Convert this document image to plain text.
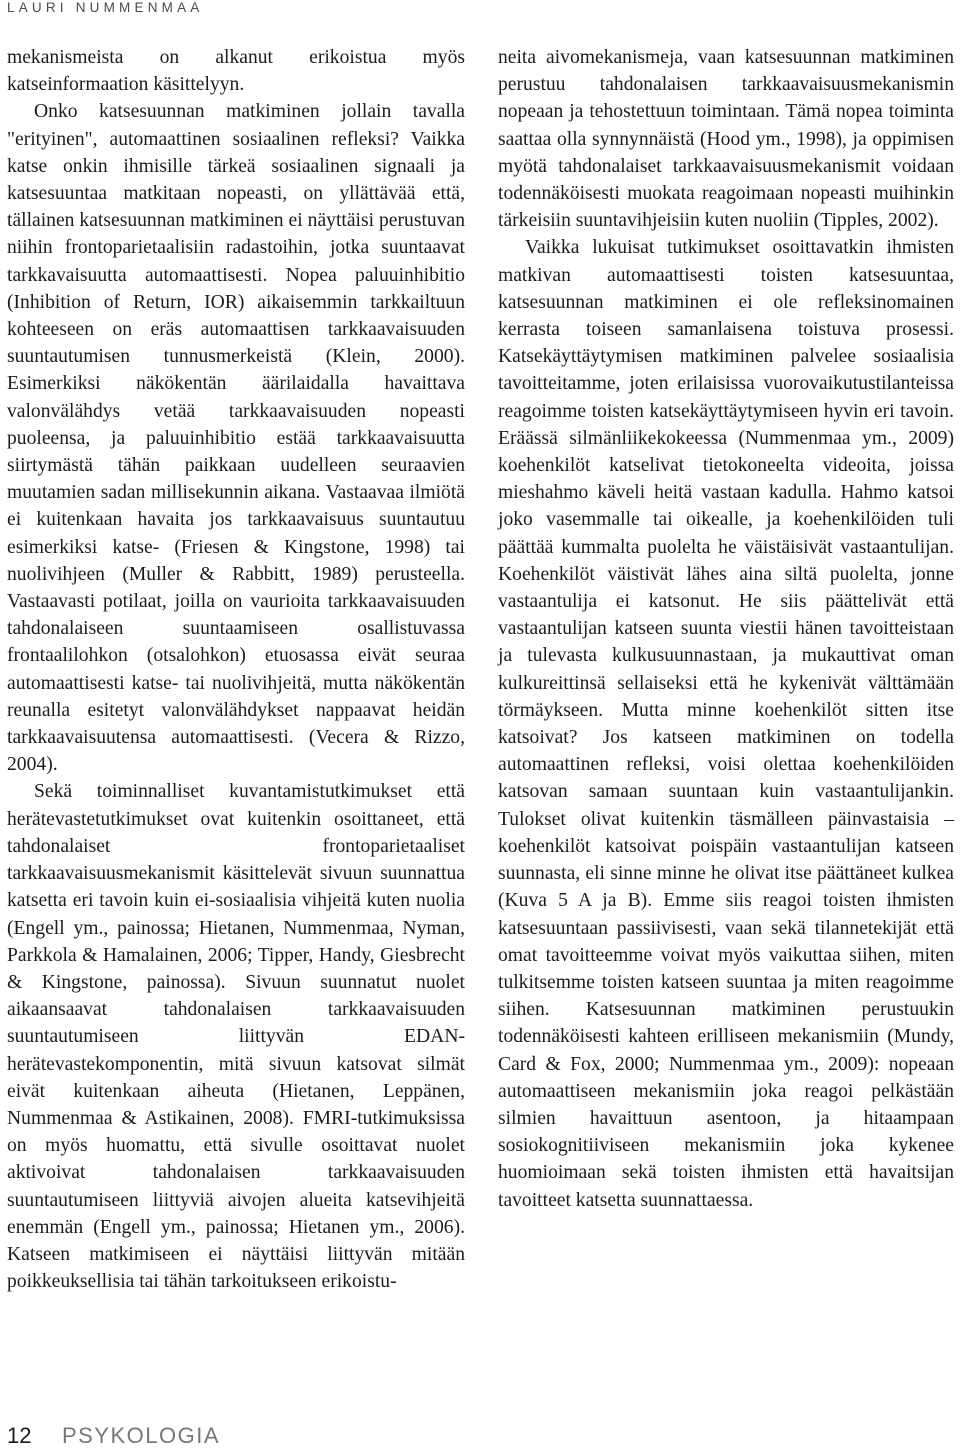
LAURI NUMMENMAA

mekanismeista on alkanut erikoistua myös katseinformaation käsittelyyn.

Onko katsesuunnan matkiminen jollain tavalla "erityinen", automaattinen sosiaalinen refleksi? Vaikka katse onkin ihmisille tärkeä sosiaalinen signaali ja katsesuuntaa matkitaan nopeasti, on yllättävää että, tällainen katsesuunnan matkiminen ei näyttäisi perustuvan niihin frontoparietaalisiin radastoihin, jotka suuntaavat tarkkavaisuutta automaattisesti. Nopea paluuinhibitio (Inhibition of Return, IOR) aikaisemmin tarkkailtuun kohteeseen on eräs automaattisen tarkkaavaisuuden suuntautumisen tunnusmerkeistä (Klein, 2000). Esimerkiksi näkökentän äärilaidalla havaittava valonvälähdys vetää tarkkaavaisuuden nopeasti puoleensa, ja paluuinhibitio estää tarkkaavaisuutta siirtymästä tähän paikkaan uudelleen seuraavien muutamien sadan millisekunnin aikana. Vastaavaa ilmiötä ei kuitenkaan havaita jos tarkkaavaisuus suuntautuu esimerkiksi katse- (Friesen & Kingstone, 1998) tai nuolivihjeen (Muller & Rabbitt, 1989) perusteella. Vastaavasti potilaat, joilla on vaurioita tarkkaavaisuuden tahdonalaiseen suuntaamiseen osallistuvassa frontaalilohkon (otsalohkon) etuosassa eivät seuraa automaattisesti katse- tai nuolivihjeitä, mutta näkökentän reunalla esitetyt valonvälähdykset nappaavat heidän tarkkaavaisuutensa automaattisesti. (Vecera & Rizzo, 2004).

Sekä toiminnalliset kuvantamistutkimukset että herätevastetutkimukset ovat kuitenkin osoittaneet, että tahdonalaiset frontoparietaaliset tarkkaavaisuusmekanismit käsittelevät sivuun suunnattua katsetta eri tavoin kuin ei-sosiaalisia vihjeitä kuten nuolia (Engell ym., painossa; Hietanen, Nummenmaa, Nyman, Parkkola & Hamalainen, 2006; Tipper, Handy, Giesbrecht & Kingstone, painossa). Sivuun suunnatut nuolet aikaansaavat tahdonalaisen tarkkaavaisuuden suuntautumiseen liittyvän EDAN-herätevastekomponentin, mitä sivuun katsovat silmät eivät kuitenkaan aiheuta (Hietanen, Leppänen, Nummenmaa & Astikainen, 2008). FMRI-tutkimuksissa on myös huomattu, että sivulle osoittavat nuolet aktivoivat tahdonalaisen tarkkaavaisuuden suuntautumiseen liittyviä aivojen alueita katsevihjeitä enemmän (Engell ym., painossa; Hietanen ym., 2006). Katseen matkimiseen ei näyttäisi liittyvän mitään poikkeuksellisia tai tähän tarkoitukseen erikoistu-

neita aivomekanismeja, vaan katsesuunnan matkiminen perustuu tahdonalaisen tarkkaavaisuusmekanismin nopeaan ja tehostettuun toimintaan. Tämä nopea toiminta saattaa olla synnynnäistä (Hood ym., 1998), ja oppimisen myötä tahdonalaiset tarkkaavaisuusmekanismit voidaan todennäköisesti muokata reagoimaan nopeasti muihinkin tärkeisiin suuntavihjeisiin kuten nuoliin (Tipples, 2002).

Vaikka lukuisat tutkimukset osoittavatkin ihmisten matkivan automaattisesti toisten katsesuuntaa, katsesuunnan matkiminen ei ole refleksinomainen kerrasta toiseen samanlaisena toistuva prosessi. Katsekäyttäytymisen matkiminen palvelee sosiaalisia tavoitteitamme, joten erilaisissa vuorovaikutustilanteissa reagoimme toisten katsekäyttäytymiseen hyvin eri tavoin. Eräässä silmänliikekokeessa (Nummenmaa ym., 2009) koehenkilöt katselivat tietokoneelta videoita, joissa mieshahmo käveli heitä vastaan kadulla. Hahmo katsoi joko vasemmalle tai oikealle, ja koehenkilöiden tuli päättää kummalta puolelta he väistäisivät vastaantulijan. Koehenkilöt väistivät lähes aina siltä puolelta, jonne vastaantulija ei katsonut. He siis päättelivät että vastaantulijan katseen suunta viestii hänen tavoitteistaan ja tulevasta kulkusuunnastaan, ja mukauttivat oman kulkureittinsä sellaiseksi että he kykenivät välttämään törmäykseen. Mutta minne koehenkilöt sitten itse katsoivat? Jos katseen matkiminen on todella automaattinen refleksi, voisi olettaa koehenkilöiden katsovan samaan suuntaan kuin vastaantulijankin. Tulokset olivat kuitenkin täsmälleen päinvastaisia – koehenkilöt katsoivat poispäin vastaantulijan katseen suunnasta, eli sinne minne he olivat itse päättäneet kulkea (Kuva 5 A ja B). Emme siis reagoi toisten ihmisten katsesuuntaan passiivisesti, vaan sekä tilannetekijät että omat tavoitteemme voivat myös vaikuttaa siihen, miten tulkitsemme toisten katseen suuntaa ja miten reagoimme siihen. Katsesuunnan matkiminen perustuukin todennäköisesti kahteen erilliseen mekanismiin (Mundy, Card & Fox, 2000; Nummenmaa ym., 2009): nopeaan automaattiseen mekanismiin joka reagoi pelkästään silmien havaittuun asentoon, ja hitaampaan sosiokognitiiviseen mekanismiin joka kykenee huomioimaan sekä toisten ihmisten että havaitsijan tavoitteet katsetta suunnattaessa.

12 PSYKOLOGIA
